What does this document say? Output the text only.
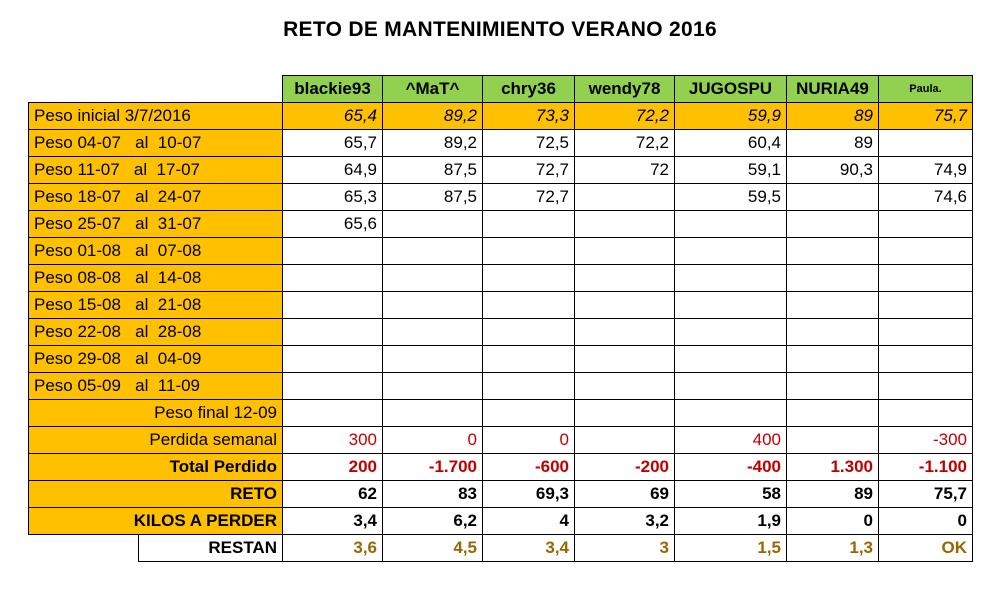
RETO DE MANTENIMIENTO VERANO 2016
		blackie93	^MaT^	chry36	wendy78	JUGOSPU	NURIA49	Paula.
Peso inicial 3/7/2016		65,4	89,2	73,3	72,2	59,9	89	75,7
Peso 04-07   al  10-07		65,7	89,2	72,5	72,2	60,4	89	
Peso 11-07   al  17-07		64,9	87,5	72,7	72	59,1	90,3	74,9
Peso 18-07   al  24-07		65,3	87,5	72,7		59,5		74,6
Peso 25-07   al  31-07		65,6						
Peso 01-08   al  07-08								
Peso 08-08   al  14-08								
Peso 15-08   al  21-08								
Peso 22-08   al  28-08								
Peso 29-08   al  04-09								
Peso 05-09   al  11-09								
Peso final 12-09								
Perdida semanal		300	0	0		400		-300
Total Perdido		200	-1.700	-600	-200	-400	1.300	-1.100
RETO		62	83	69,3	69	58	89	75,7
KILOS A PERDER		3,4	6,2	4	3,2	1,9	0	0
	RESTAN	3,6	4,5	3,4	3	1,5	1,3	OK
